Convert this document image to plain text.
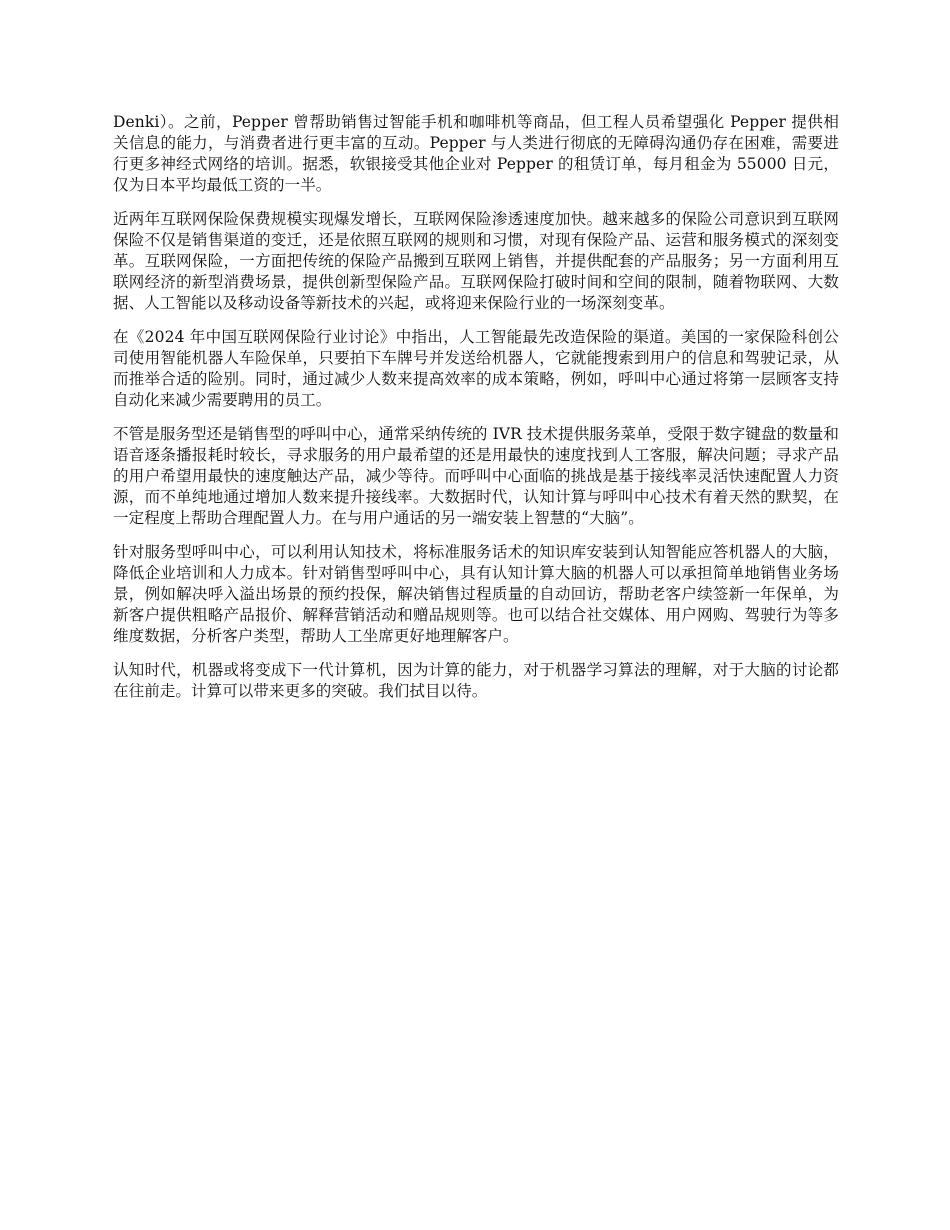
Denki）。之前，Pepper 曾帮助销售过智能手机和咖啡机等商品，但工程人员希望强化 Pepper 提供相关信息的能力，与消费者进行更丰富的互动。Pepper 与人类进行彻底的无障碍沟通仍存在困难，需要进行更多神经式网络的培训。据悉，软银接受其他企业对 Pepper 的租赁订单，每月租金为 55000 日元，仅为日本平均最低工资的一半。

近两年互联网保险保费规模实现爆发增长，互联网保险渗透速度加快。越来越多的保险公司意识到互联网保险不仅是销售渠道的变迁，还是依照互联网的规则和习惯，对现有保险产品、运营和服务模式的深刻变革。互联网保险，一方面把传统的保险产品搬到互联网上销售，并提供配套的产品服务；另一方面利用互联网经济的新型消费场景，提供创新型保险产品。互联网保险打破时间和空间的限制，随着物联网、大数据、人工智能以及移动设备等新技术的兴起，或将迎来保险行业的一场深刻变革。

在《2024 年中国互联网保险行业讨论》中指出，人工智能最先改造保险的渠道。美国的一家保险科创公司使用智能机器人车险保单，只要拍下车牌号并发送给机器人，它就能搜索到用户的信息和驾驶记录，从而推举合适的险别。同时，通过减少人数来提高效率的成本策略，例如，呼叫中心通过将第一层顾客支持自动化来减少需要聘用的员工。

不管是服务型还是销售型的呼叫中心，通常采纳传统的 IVR 技术提供服务菜单，受限于数字键盘的数量和语音逐条播报耗时较长，寻求服务的用户最希望的还是用最快的速度找到人工客服，解决问题；寻求产品的用户希望用最快的速度触达产品，减少等待。而呼叫中心面临的挑战是基于接线率灵活快速配置人力资源，而不单纯地通过增加人数来提升接线率。大数据时代，认知计算与呼叫中心技术有着天然的默契，在一定程度上帮助合理配置人力。在与用户通话的另一端安装上智慧的“大脑”。

针对服务型呼叫中心，可以利用认知技术，将标准服务话术的知识库安装到认知智能应答机器人的大脑，降低企业培训和人力成本。针对销售型呼叫中心，具有认知计算大脑的机器人可以承担简单地销售业务场景，例如解决呼入溢出场景的预约投保，解决销售过程质量的自动回访，帮助老客户续签新一年保单，为新客户提供粗略产品报价、解释营销活动和赠品规则等。也可以结合社交媒体、用户网购、驾驶行为等多维度数据，分析客户类型，帮助人工坐席更好地理解客户。

认知时代，机器或将变成下一代计算机，因为计算的能力，对于机器学习算法的理解，对于大脑的讨论都在往前走。计算可以带来更多的突破。我们拭目以待。
